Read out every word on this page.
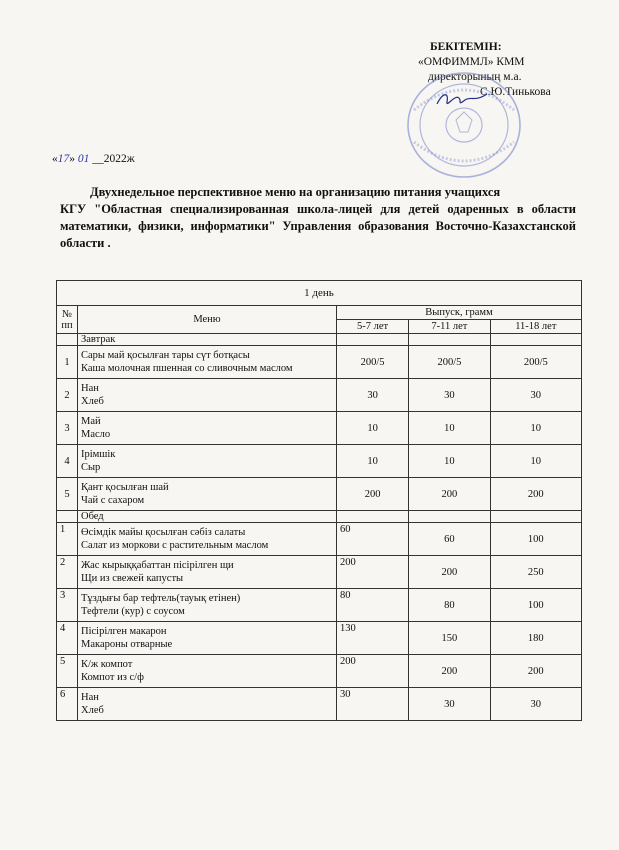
БЕКІТЕМІН:
«ОМФИММЛ» КММ
директорының м.а.
С.Ю.Тинькова
«17» 01 __2022ж
Двухнедельное перспективное меню на организацию питания учащихся
КГУ "Областная специализированная школа-лицей для детей одаренных в области математики, физики, информатики" Управления образования Восточно-Казахстанской области .
1 день				
№ пп	Меню	Выпуск, грамм		
		5-7 лет	7-11 лет	11-18 лет
	Завтрак			
1	Сары май қосылған тары сүт ботқасы
Каша молочная пшенная со сливочным маслом	200/5	200/5	200/5
2	Нан
Хлеб	30	30	30
3	Май
Масло	10	10	10
4	Ірімшік
Сыр	10	10	10
5	Қант қосылған шай
Чай с сахаром	200	200	200
	Обед			
1	Өсімдік майы қосылған сәбіз салаты
Салат из моркови с растительным маслом	60	60	100
2	Жас кырыққабаттан пісірілген щи
Щи из свежей капусты	200	200	250
3	Тұздығы бар тефтель(тауық етінен)
Тефтели (кур) с соусом	80	80	100
4	Пісірілген макарон
Макароны отварные	130	150	180
5	К/ж компот
Компот из с/ф	200	200	200
6	Нан
Хлеб	30	30	30
